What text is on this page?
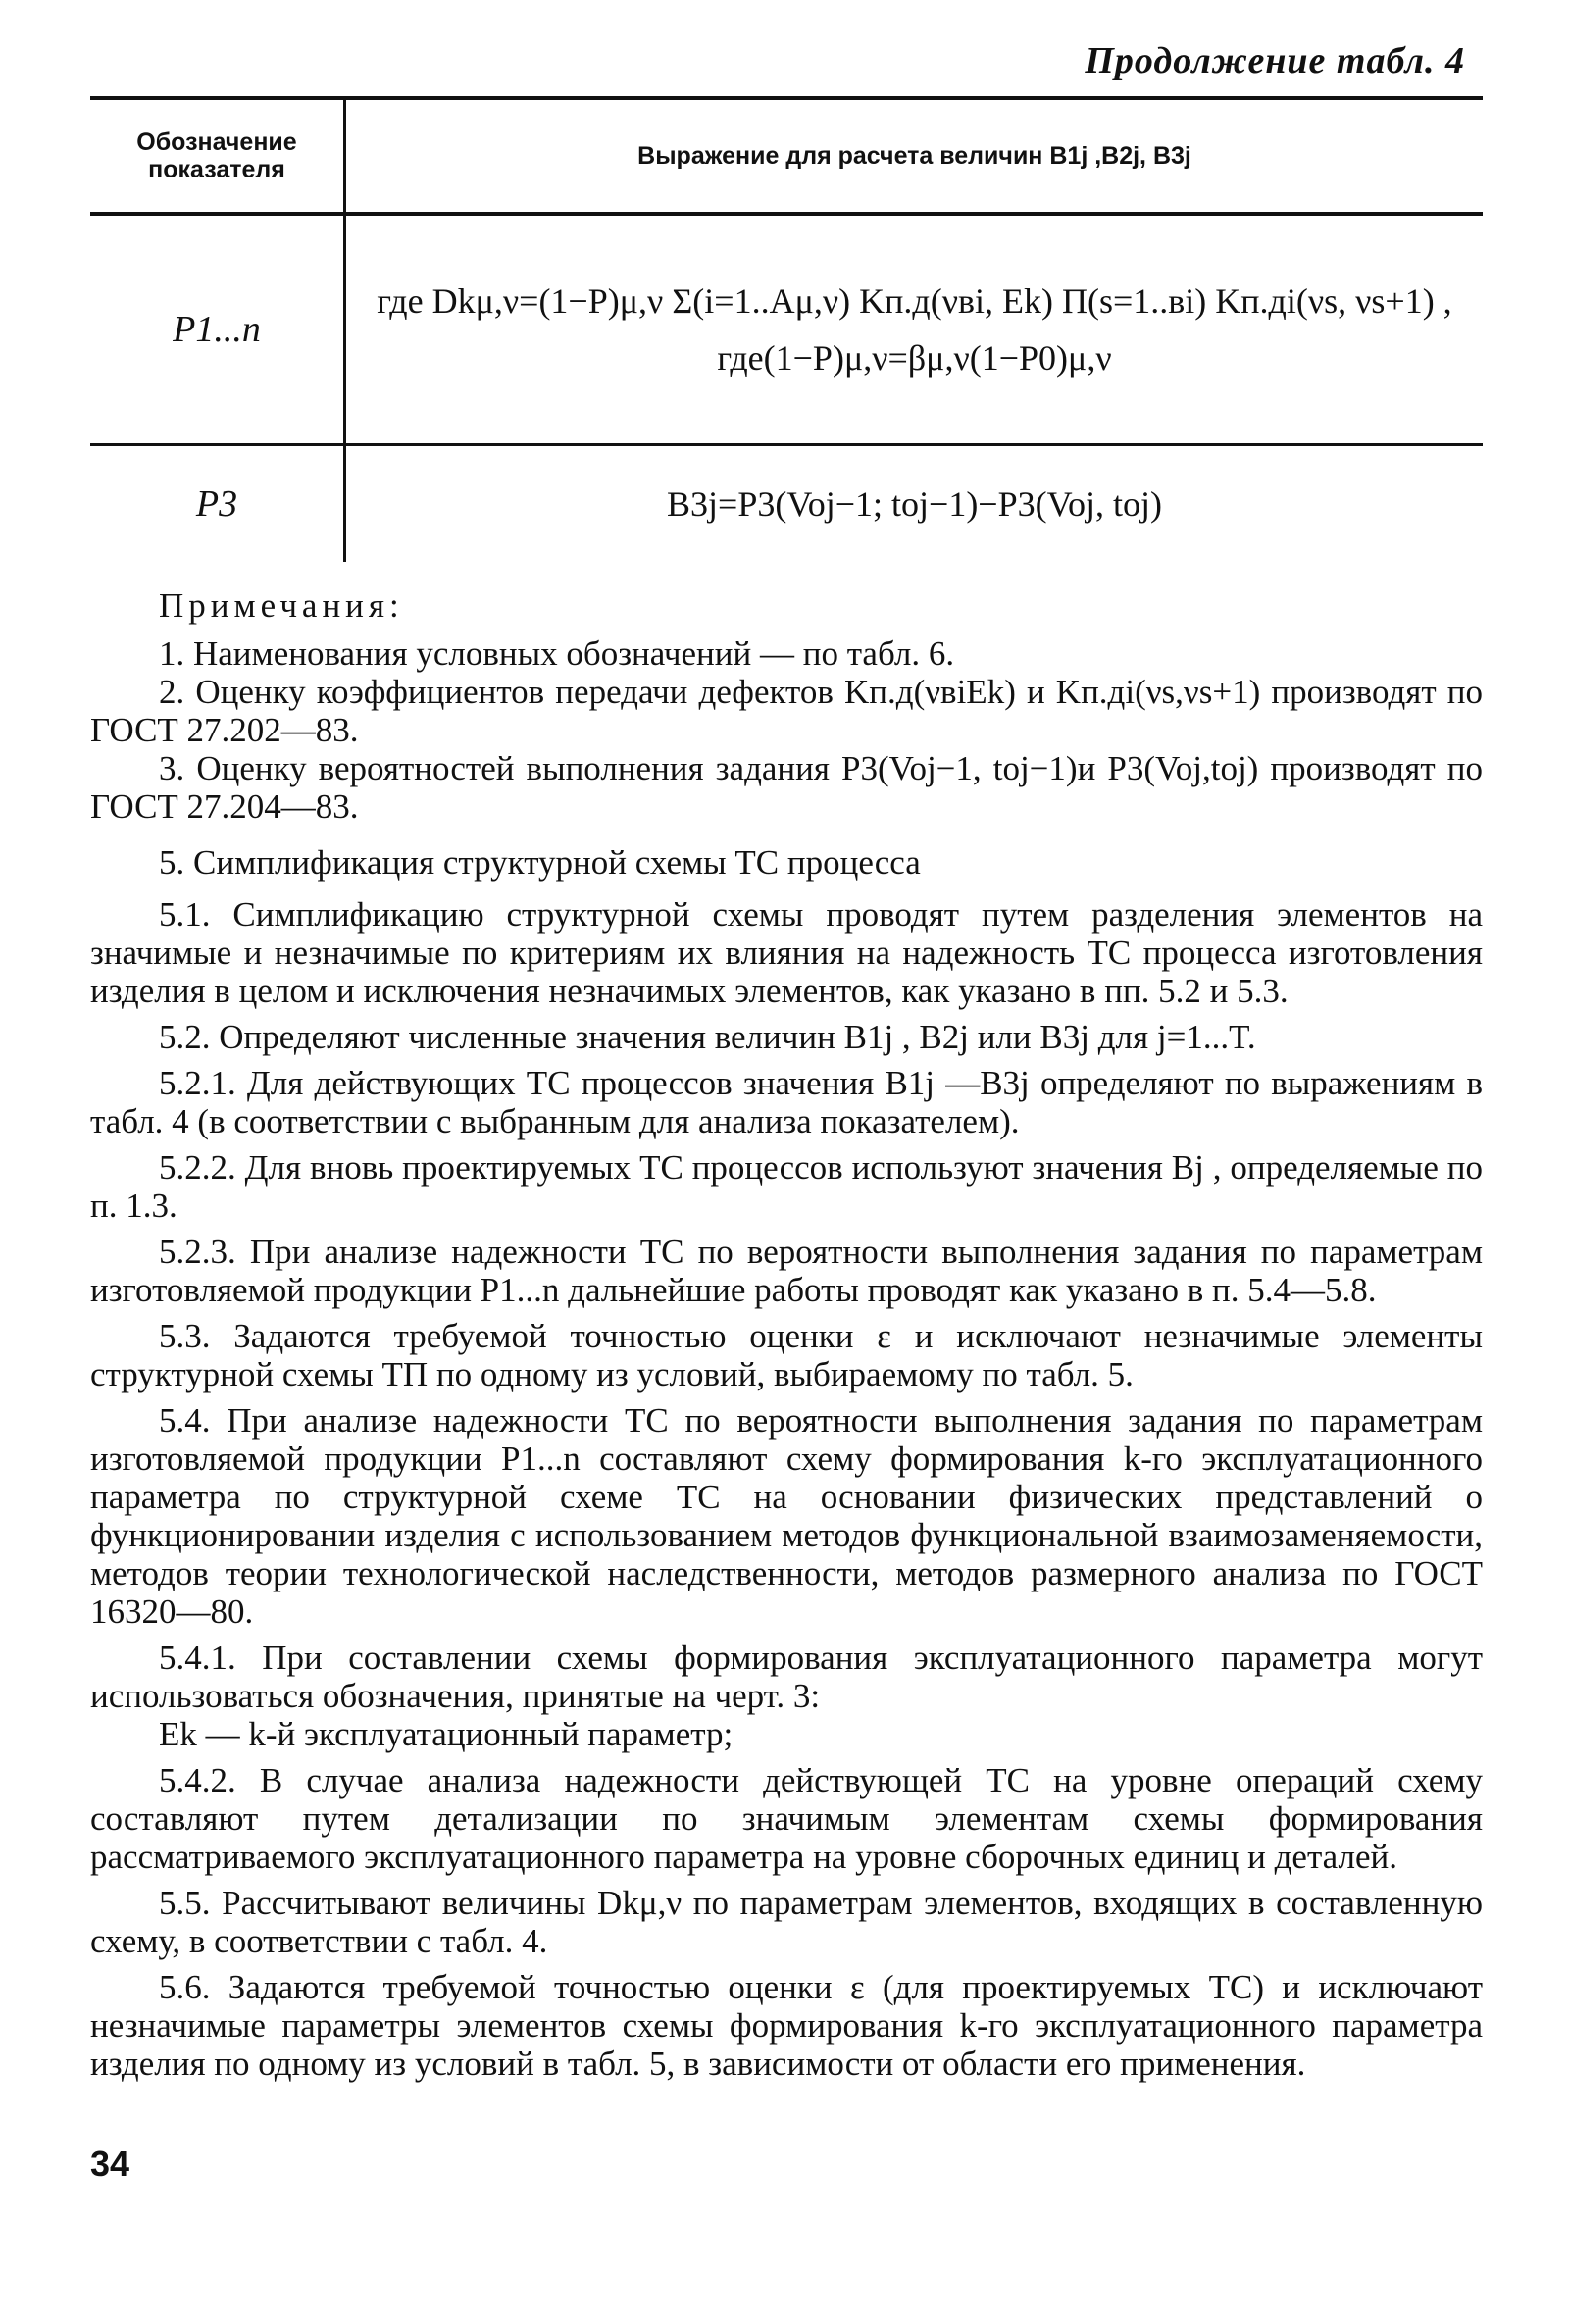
Продолжение табл. 4
Обозначение показателя	Выражение для расчета величин B1j ,B2j, B3j
P1...n
где Dkμ,ν=(1−P)μ,ν Σ(i=1..Aμ,ν) Kп.д(νвi, Ek) Π(s=1..вi) Kп.дi(νs, νs+1) ,
где(1−P)μ,ν=βμ,ν(1−P0)μ,ν
P3	B3j=P3(Voj−1; toj−1)−P3(Voj, toj)
Примечания:

1. Наименования условных обозначений — по табл. 6.

2. Оценку коэффициентов передачи дефектов Kп.д(νвiEk) и Kп.дi(νs,νs+1) производят по ГОСТ 27.202—83.

3. Оценку вероятностей выполнения задания P3(Voj−1, toj−1)и P3(Voj,toj) производят по ГОСТ 27.204—83.

5. Симплификация структурной схемы ТС процесса

5.1. Симплификацию структурной схемы проводят путем разделения элементов на значимые и незначимые по критериям их влияния на надежность ТС процесса изготовления изделия в целом и исключения незначимых элементов, как указано в пп. 5.2 и 5.3.

5.2. Определяют численные значения величин B1j , B2j или B3j для j=1...T.

5.2.1. Для действующих ТС процессов значения B1j —B3j определяют по выражениям в табл. 4 (в соответствии с выбранным для анализа показателем).

5.2.2. Для вновь проектируемых ТС процессов используют значения Bj , определяемые по п. 1.3.

5.2.3. При анализе надежности ТС по вероятности выполнения задания по параметрам изготовляемой продукции P1...n дальнейшие работы проводят как указано в п. 5.4—5.8.

5.3. Задаются требуемой точностью оценки ε и исключают незначимые элементы структурной схемы ТП по одному из условий, выбираемому по табл. 5.

5.4. При анализе надежности ТС по вероятности выполнения задания по параметрам изготовляемой продукции P1...n составляют схему формирования k-го эксплуатационного параметра по структурной схеме ТС на основании физических представлений о функционировании изделия с использованием методов функциональной взаимозаменяемости, методов теории технологической наследственности, методов размерного анализа по ГОСТ 16320—80.

5.4.1. При составлении схемы формирования эксплуатационного параметра могут использоваться обозначения, принятые на черт. 3:

Ek — k-й эксплуатационный параметр;

5.4.2. В случае анализа надежности действующей ТС на уровне операций схему составляют путем детализации по значимым элементам схемы формирования рассматриваемого эксплуатационного параметра на уровне сборочных единиц и деталей.

5.5. Рассчитывают величины Dkμ,ν по параметрам элементов, входящих в составленную схему, в соответствии с табл. 4.

5.6. Задаются требуемой точностью оценки ε (для проектируемых ТС) и исключают незначимые параметры элементов схемы формирования k-го эксплуатационного параметра изделия по одному из условий в табл. 5, в зависимости от области его применения.

34
